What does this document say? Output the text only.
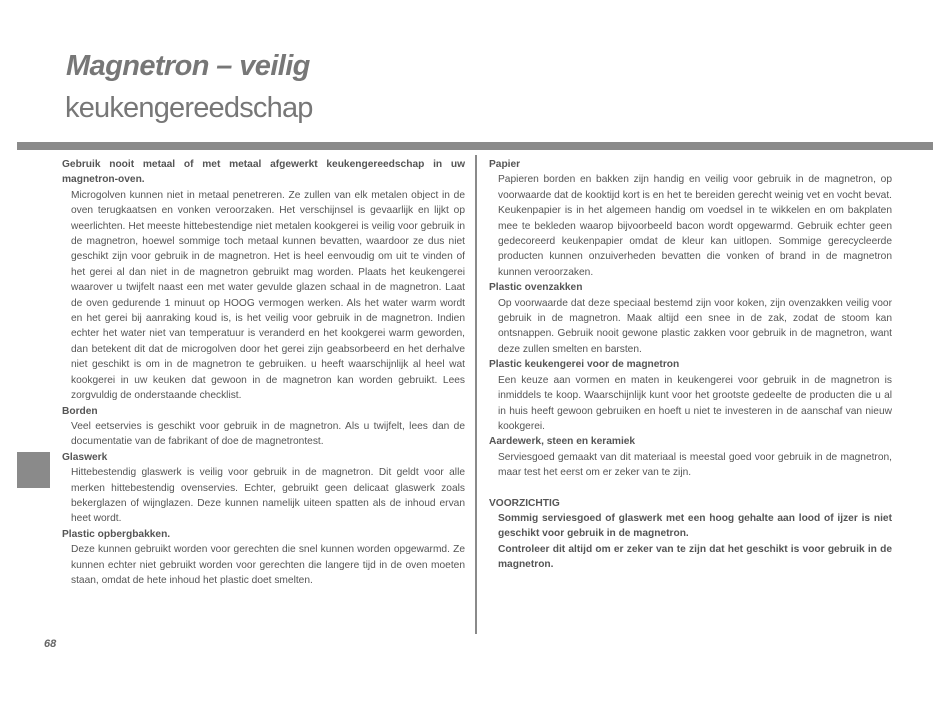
Magnetron – veilig
keukengereedschap
Gebruik nooit metaal of met metaal afgewerkt keukengereedschap in uw magnetron-oven.
Microgolven kunnen niet in metaal penetreren. Ze zullen van elk metalen object in de oven terugkaatsen en vonken veroorzaken. Het verschijnsel is gevaarlijk en lijkt op weerlichten. Het meeste hittebestendige niet metalen kookgerei is veilig voor gebruik in de magnetron, hoewel sommige toch metaal kunnen bevatten, waardoor ze dus niet geschikt zijn voor gebruik in de magnetron. Het is heel eenvoudig om uit te vinden of het gerei al dan niet in de magnetron gebruikt mag worden. Plaats het keukengerei waarover u twijfelt naast een met water gevulde glazen schaal in de magnetron. Laat de oven gedurende 1 minuut op HOOG vermogen werken. Als het water warm wordt en het gerei bij aanraking koud is, is het veilig voor gebruik in de magnetron. Indien echter het water niet van temperatuur is veranderd en het kookgerei warm geworden, dan betekent dit dat de microgolven door het gerei zijn geabsorbeerd en het derhalve niet geschikt is om in de magnetron te gebruiken. u heeft waarschijnlijk al heel wat kookgerei in uw keuken dat gewoon in de magnetron kan worden gebruikt. Lees zorgvuldig de onderstaande checklist.
Borden
Veel eetservies is geschikt voor gebruik in de magnetron. Als u twijfelt, lees dan de documentatie van de fabrikant of doe de magnetrontest.
Glaswerk
Hittebestendig glaswerk is veilig voor gebruik in de magnetron. Dit geldt voor alle merken hittebestendig ovenservies. Echter, gebruikt geen delicaat glaswerk zoals bekerglazen of wijnglazen. Deze kunnen namelijk uiteen spatten als de inhoud ervan heet wordt.
Plastic opbergbakken.
Deze kunnen gebruikt worden voor gerechten die snel kunnen worden opgewarmd. Ze kunnen echter niet gebruikt worden voor gerechten die langere tijd in de oven moeten staan, omdat de hete inhoud het plastic doet smelten.
Papier
Papieren borden en bakken zijn handig en veilig voor gebruik in de magnetron, op voorwaarde dat de kooktijd kort is en het te bereiden gerecht weinig vet en vocht bevat. Keukenpapier is in het algemeen handig om voedsel in te wikkelen en om bakplaten mee te bekleden waarop bijvoorbeeld bacon wordt opgewarmd. Gebruik echter geen gedecoreerd keukenpapier omdat de kleur kan uitlopen. Sommige gerecycleerde producten kunnen onzuiverheden bevatten die vonken of brand in de magnetron kunnen veroorzaken.
Plastic ovenzakken
Op voorwaarde dat deze speciaal bestemd zijn voor koken, zijn ovenzakken veilig voor gebruik in de magnetron. Maak altijd een snee in de zak, zodat de stoom kan ontsnappen. Gebruik nooit gewone plastic zakken voor gebruik in de magnetron, want deze zullen smelten en barsten.
Plastic keukengerei voor de magnetron
Een keuze aan vormen en maten in keukengerei voor gebruik in de magnetron is inmiddels te koop. Waarschijnlijk kunt voor het grootste gedeelte de producten die u al in huis heeft gewoon gebruiken en hoeft u niet te investeren in de aanschaf van nieuw kookgerei.
Aardewerk, steen en keramiek
Serviesgoed gemaakt van dit materiaal is meestal goed voor gebruik in de magnetron, maar test het eerst om er zeker van te zijn.
VOORZICHTIG
Sommig serviesgoed of glaswerk met een hoog gehalte aan lood of ijzer is niet geschikt voor gebruik in de magnetron.
Controleer dit altijd om er zeker van te zijn dat het geschikt is voor gebruik in de magnetron.
68
